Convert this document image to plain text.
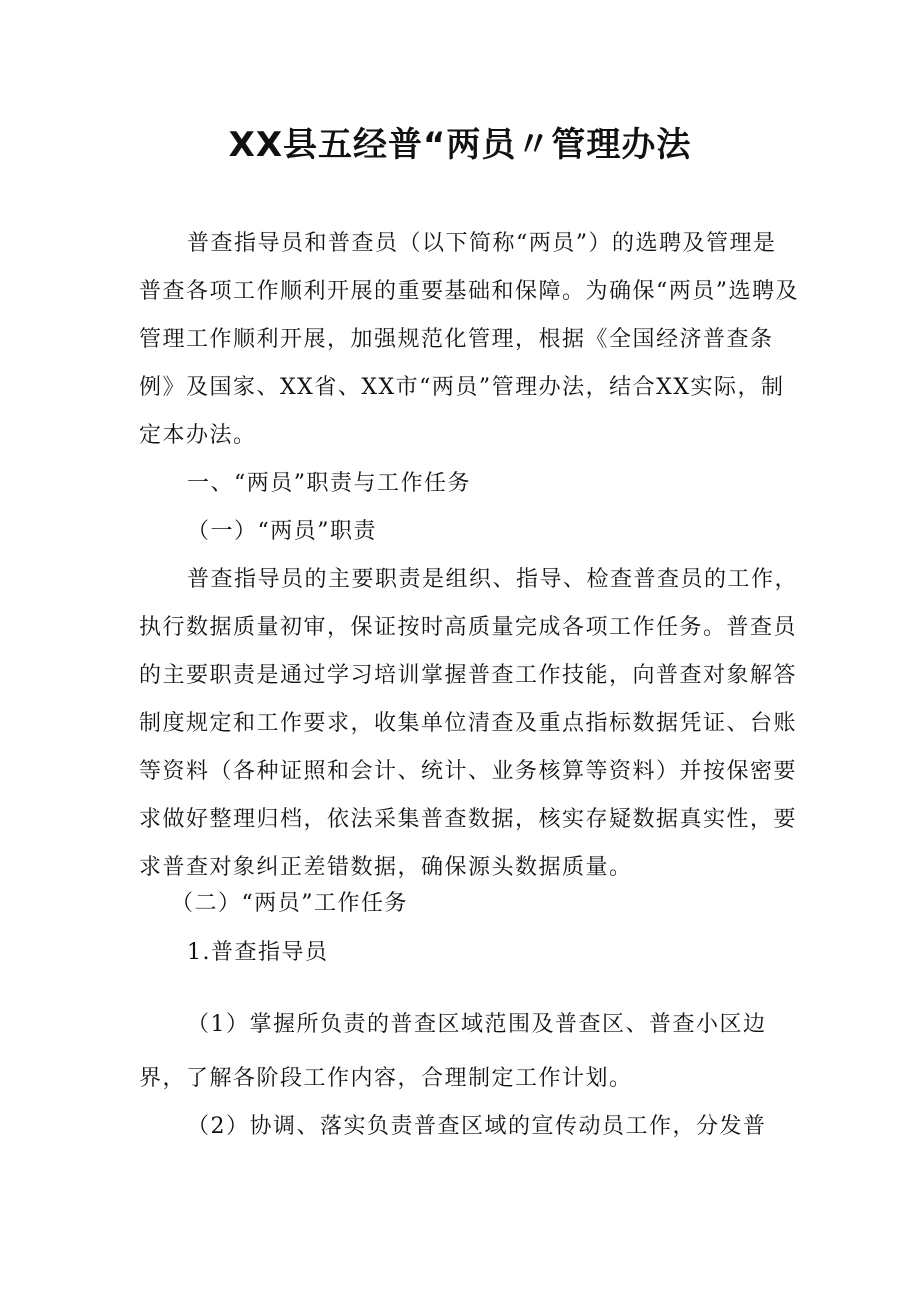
XX县五经普“两员〃管理办法

普查指导员和普查员（以下简称“两员”）的选聘及管理是普查各项工作顺利开展的重要基础和保障。为确保“两员”选聘及管理工作顺利开展，加强规范化管理，根据《全国经济普查条例》及国家、XX省、XX市“两员”管理办法，结合XX实际，制定本办法。

一、“两员”职责与工作任务

（一）“两员”职责

普查指导员的主要职责是组织、指导、检查普查员的工作，执行数据质量初审，保证按时高质量完成各项工作任务。普查员的主要职责是通过学习培训掌握普查工作技能，向普查对象解答制度规定和工作要求，收集单位清查及重点指标数据凭证、台账等资料（各种证照和会计、统计、业务核算等资料）并按保密要求做好整理归档，依法采集普查数据，核实存疑数据真实性，要求普查对象纠正差错数据，确保源头数据质量。

（二）“两员”工作任务

1.普查指导员

（1）掌握所负责的普查区域范围及普查区、普查小区边界，了解各阶段工作内容，合理制定工作计划。

（2）协调、落实负责普查区域的宣传动员工作，分发普
